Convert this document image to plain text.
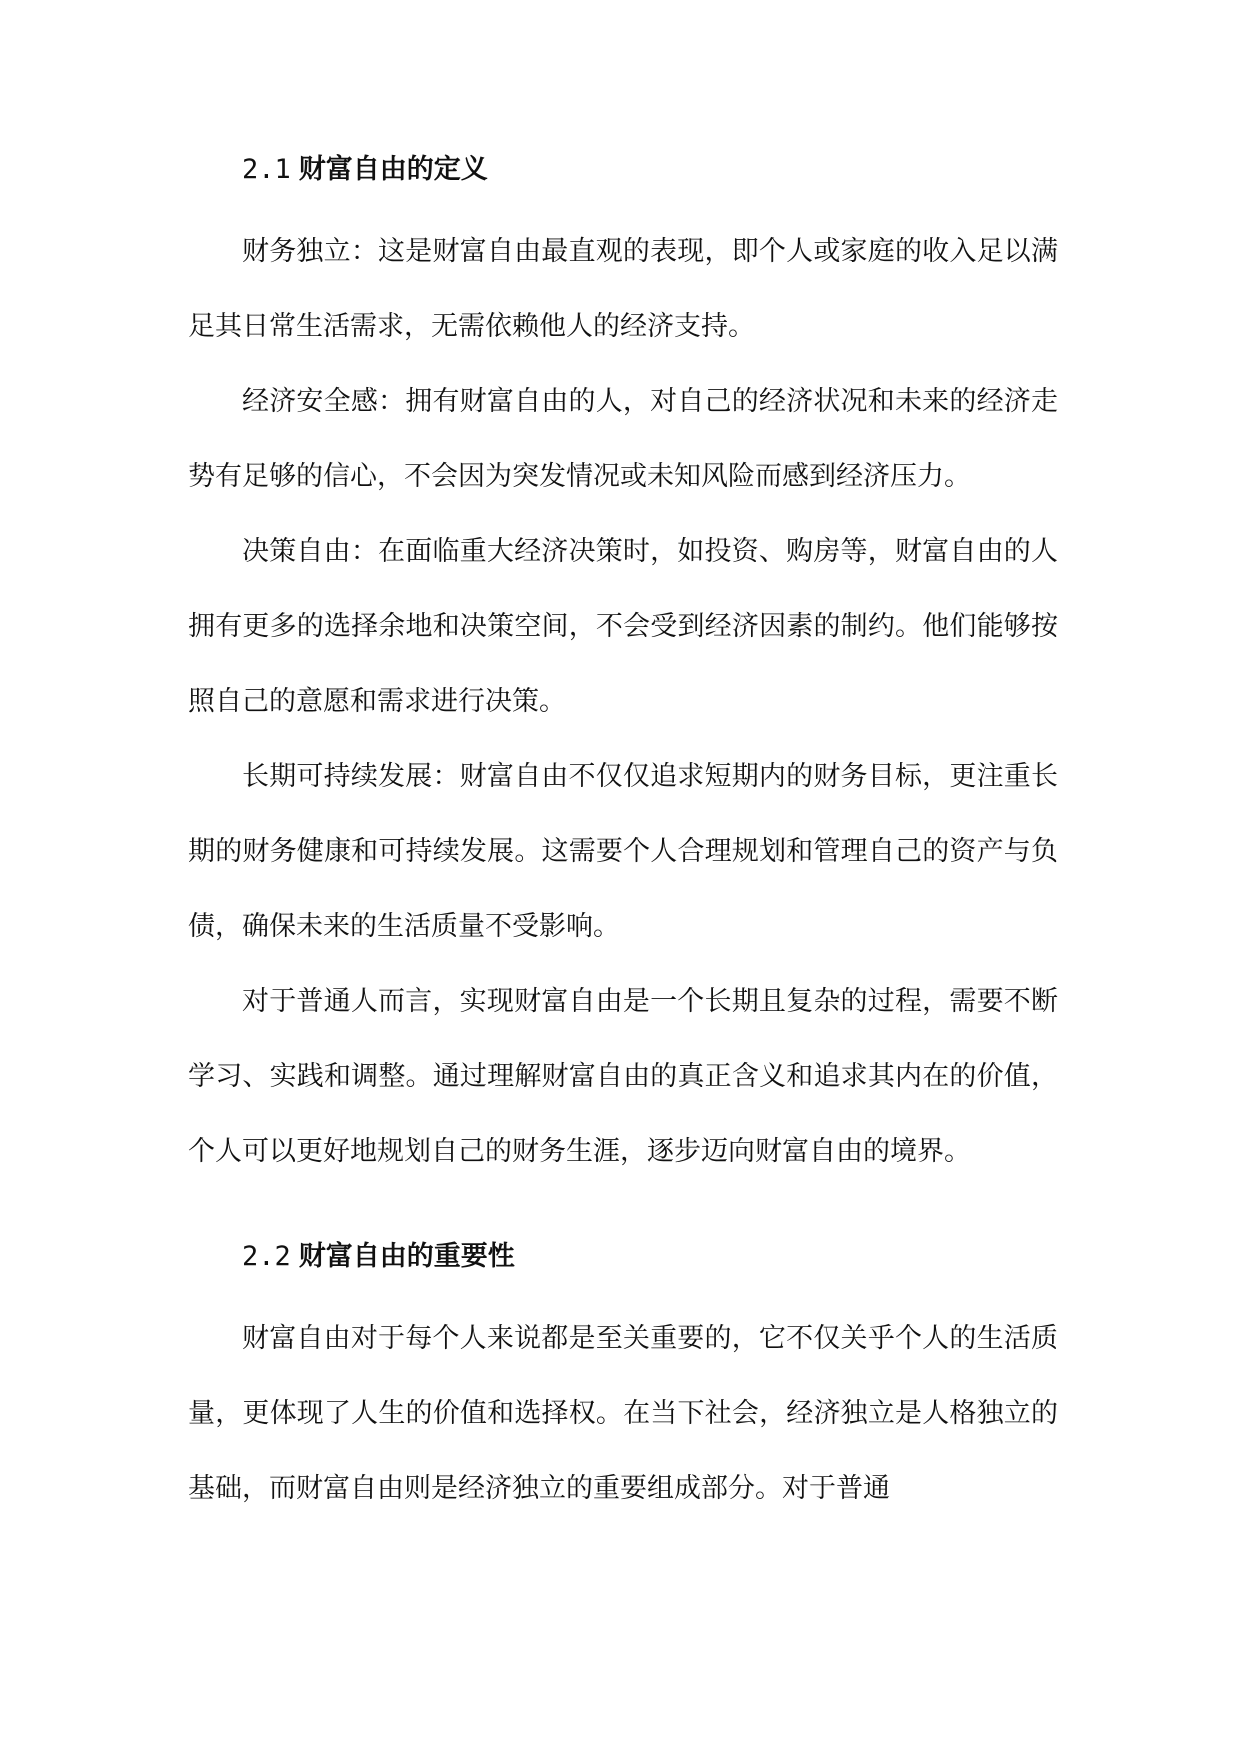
2.1 财富自由的定义

财务独立：这是财富自由最直观的表现，即个人或家庭的收入足以满足其日常生活需求，无需依赖他人的经济支持。

经济安全感：拥有财富自由的人，对自己的经济状况和未来的经济走势有足够的信心，不会因为突发情况或未知风险而感到经济压力。

决策自由：在面临重大经济决策时，如投资、购房等，财富自由的人拥有更多的选择余地和决策空间，不会受到经济因素的制约。他们能够按照自己的意愿和需求进行决策。

长期可持续发展：财富自由不仅仅追求短期内的财务目标，更注重长期的财务健康和可持续发展。这需要个人合理规划和管理自己的资产与负债，确保未来的生活质量不受影响。

对于普通人而言，实现财富自由是一个长期且复杂的过程，需要不断学习、实践和调整。通过理解财富自由的真正含义和追求其内在的价值，个人可以更好地规划自己的财务生涯，逐步迈向财富自由的境界。

2.2 财富自由的重要性

财富自由对于每个人来说都是至关重要的，它不仅关乎个人的生活质量，更体现了人生的价值和选择权。在当下社会，经济独立是人格独立的基础，而财富自由则是经济独立的重要组成部分。对于普通
